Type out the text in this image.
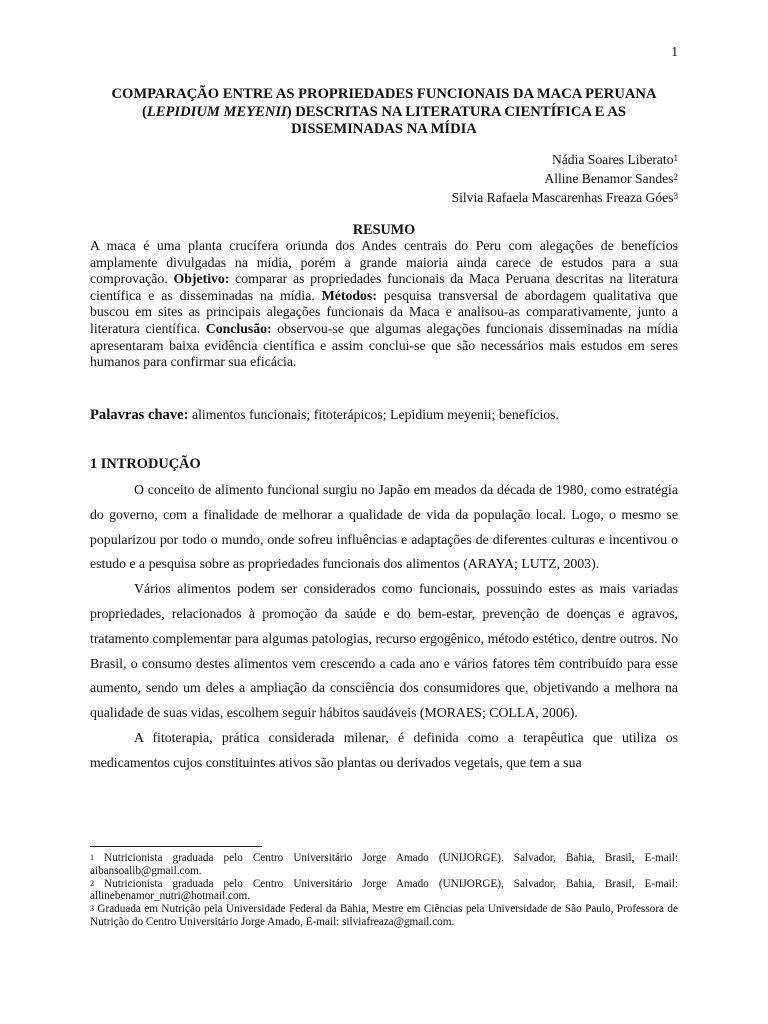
1
COMPARAÇÃO ENTRE AS PROPRIEDADES FUNCIONAIS DA MACA PERUANA (LEPIDIUM MEYENII) DESCRITAS NA LITERATURA CIENTÍFICA E AS DISSEMINADAS NA MÍDIA
Nádia Soares Liberato$^1$
Alline Benamor Sandes$^2$
Silvia Rafaela Mascarenhas Freaza Góes$^3$
RESUMO
A maca é uma planta crucífera oriunda dos Andes centrais do Peru com alegações de benefícios amplamente divulgadas na mídia, porém a grande maioria ainda carece de estudos para a sua comprovação. Objetivo: comparar as propriedades funcionais da Maca Peruana descritas na literatura científica e as disseminadas na mídia. Métodos: pesquisa transversal de abordagem qualitativa que buscou em sites as principais alegações funcionais da Maca e analisou-as comparativamente, junto a literatura científica. Conclusão: observou-se que algumas alegações funcionais disseminadas na mídia apresentaram baixa evidência científica e assim conclui-se que são necessários mais estudos em seres humanos para confirmar sua eficácia.
Palavras chave: alimentos funcionais; fitoterápicos; Lepidium meyenii; benefícios.
1 INTRODUÇÃO

O conceito de alimento funcional surgiu no Japão em meados da década de 1980, como estratégia do governo, com a finalidade de melhorar a qualidade de vida da população local. Logo, o mesmo se popularizou por todo o mundo, onde sofreu influências e adaptações de diferentes culturas e incentivou o estudo e a pesquisa sobre as propriedades funcionais dos alimentos (ARAYA; LUTZ, 2003).

Vários alimentos podem ser considerados como funcionais, possuindo estes as mais variadas propriedades, relacionados à promoção da saúde e do bem-estar, prevenção de doenças e agravos, tratamento complementar para algumas patologias, recurso ergogênico, método estético, dentre outros. No Brasil, o consumo destes alimentos vem crescendo a cada ano e vários fatores têm contribuído para esse aumento, sendo um deles a ampliação da consciência dos consumidores que, objetivando a melhora na qualidade de suas vidas, escolhem seguir hábitos saudáveis (MORAES; COLLA, 2006).

A fitoterapia, prática considerada milenar, é definida como a terapêutica que utiliza os medicamentos cujos constituintes ativos são plantas ou derivados vegetais, que tem a sua

$^1$ Nutricionista graduada pelo Centro Universitário Jorge Amado (UNIJORGE). Salvador, Bahia, Brasil, E-mail: aibansoalib@gmail.com.

$^2$ Nutricionista graduada pelo Centro Universitário Jorge Amado (UNIJORGE), Salvador, Bahia, Brasil, E-mail: allinebenamor_nutri@hotmail.com.

$^3$ Graduada em Nutrição pela Universidade Federal da Bahia, Mestre em Ciências pela Universidade de São Paulo, Professora de Nutrição do Centro Universitário Jorge Amado, E-mail: silviafreaza@gmail.com.
